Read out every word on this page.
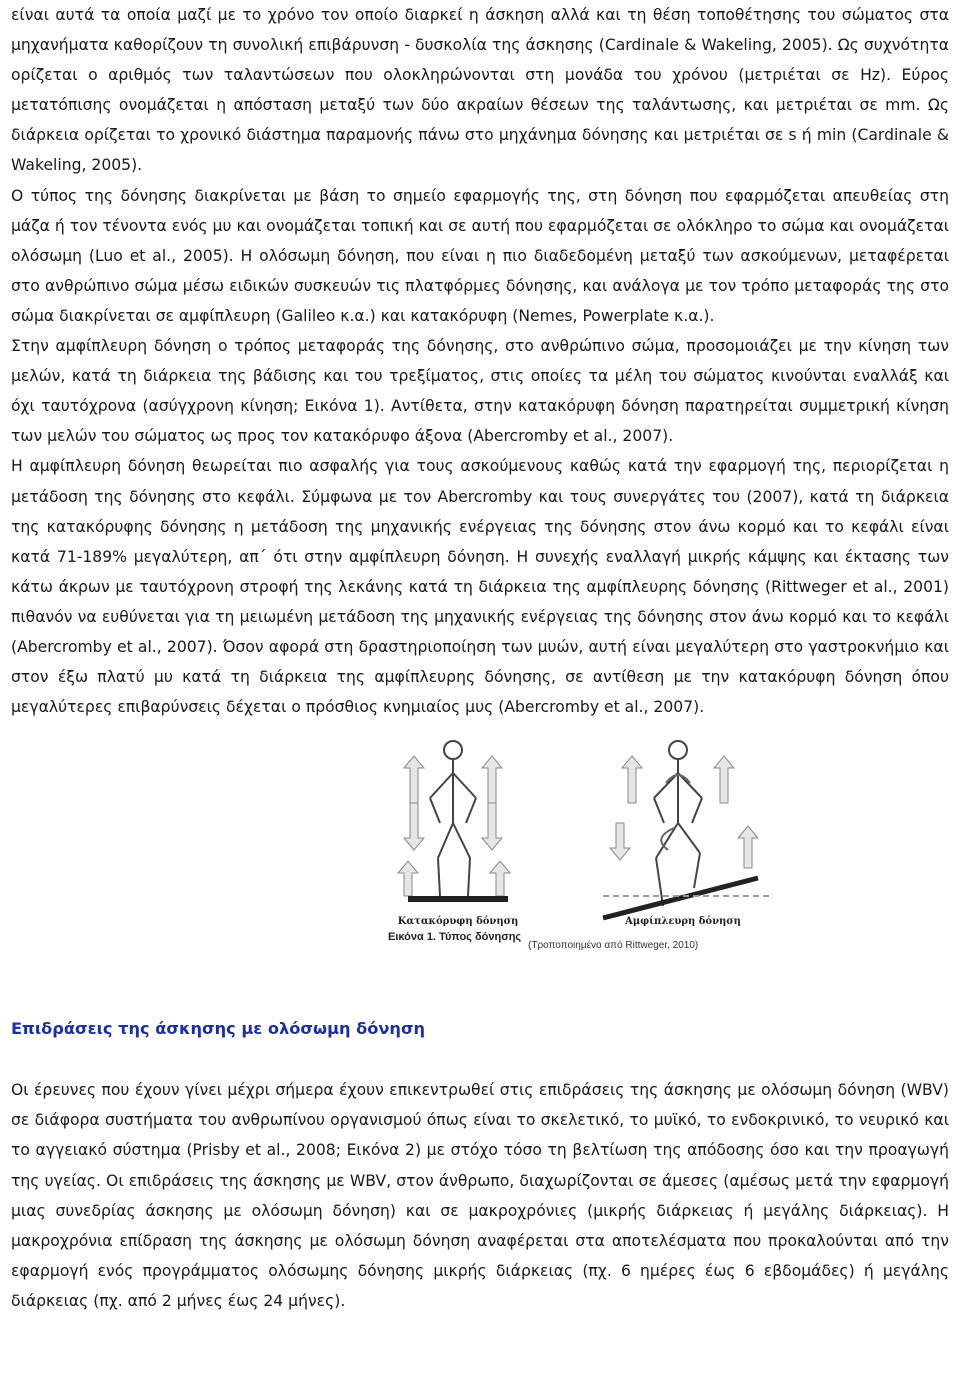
είναι αυτά τα οποία μαζί με το χρόνο τον οποίο διαρκεί η άσκηση αλλά και τη θέση τοποθέτησης του σώματος στα μηχανήματα καθορίζουν τη συνολική επιβάρυνση - δυσκολία της άσκησης (Cardinale & Wakeling, 2005). Ως συχνότητα ορίζεται ο αριθμός των ταλαντώσεων που ολοκληρώνονται στη μονάδα του χρόνου (μετριέται σε Hz). Εύρος μετατόπισης ονομάζεται η απόσταση μεταξύ των δύο ακραίων θέσεων της ταλάντωσης, και μετριέται σε mm. Ως διάρκεια ορίζεται το χρονικό διάστημα παραμονής πάνω στο μηχάνημα δόνησης και μετριέται σε s ή min (Cardinale & Wakeling, 2005).

Ο τύπος της δόνησης διακρίνεται με βάση το σημείο εφαρμογής της, στη δόνηση που εφαρμόζεται απευθείας στη μάζα ή τον τένοντα ενός μυ και ονομάζεται τοπική και σε αυτή που εφαρμόζεται σε ολόκληρο το σώμα και ονομάζεται ολόσωμη (Luo et al., 2005). Η ολόσωμη δόνηση, που είναι η πιο διαδεδομένη μεταξύ των ασκούμενων, μεταφέρεται στο ανθρώπινο σώμα μέσω ειδικών συσκευών τις πλατφόρμες δόνησης, και ανάλογα με τον τρόπο μεταφοράς της στο σώμα διακρίνεται σε αμφίπλευρη (Galileo κ.α.) και κατακόρυφη (Nemes, Powerplate κ.α.).

Στην αμφίπλευρη δόνηση ο τρόπος μεταφοράς της δόνησης, στο ανθρώπινο σώμα, προσομοιάζει με την κίνηση των μελών, κατά τη διάρκεια της βάδισης και του τρεξίματος, στις οποίες τα μέλη του σώματος κινούνται εναλλάξ και όχι ταυτόχρονα (ασύγχρονη κίνηση; Εικόνα 1). Αντίθετα, στην κατακόρυφη δόνηση παρατηρείται συμμετρική κίνηση των μελών του σώματος ως προς τον κατακόρυφο άξονα (Abercromby et al., 2007).

Η αμφίπλευρη δόνηση θεωρείται πιο ασφαλής για τους ασκούμενους καθώς κατά την εφαρμογή της, περιορίζεται η μετάδοση της δόνησης στο κεφάλι. Σύμφωνα με τον Abercromby και τους συνεργάτες του (2007), κατά τη διάρκεια της κατακόρυφης δόνησης η μετάδοση της μηχανικής ενέργειας της δόνησης στον άνω κορμό και το κεφάλι είναι κατά 71-189% μεγαλύτερη, απ΄ ότι στην αμφίπλευρη δόνηση. Η συνεχής εναλλαγή μικρής κάμψης και έκτασης των κάτω άκρων με ταυτόχρονη στροφή της λεκάνης κατά τη διάρκεια της αμφίπλευρης δόνησης (Rittweger et al., 2001) πιθανόν να ευθύνεται για τη μειωμένη μετάδοση της μηχανικής ενέργειας της δόνησης στον άνω κορμό και το κεφάλι (Abercromby et al., 2007). Όσον αφορά στη δραστηριοποίηση των μυών, αυτή είναι μεγαλύτερη στο γαστροκνήμιο και στον έξω πλατύ μυ κατά τη διάρκεια της αμφίπλευρης δόνησης, σε αντίθεση με την κατακόρυφη δόνηση όπου μεγαλύτερες επιβαρύνσεις δέχεται ο πρόσθιος κνημιαίος μυς (Abercromby et al., 2007).

Κατακόρυφη δόνηση	Αμφίπλευρη δόνηση
Εικόνα 1. Τύπος δόνησης
(Τροποποιημένο από Rittweger, 2010)
Επιδράσεις της άσκησης με ολόσωμη δόνηση

Οι έρευνες που έχουν γίνει μέχρι σήμερα έχουν επικεντρωθεί στις επιδράσεις της άσκησης με ολόσωμη δόνηση (WBV) σε διάφορα συστήματα του ανθρωπίνου οργανισμού όπως είναι το σκελετικό, το μυϊκό, το ενδοκρινικό, το νευρικό και το αγγειακό σύστημα (Prisby et al., 2008; Εικόνα 2) με στόχο τόσο τη βελτίωση της απόδοσης όσο και την προαγωγή της υγείας. Οι επιδράσεις της άσκησης με WBV, στον άνθρωπο, διαχωρίζονται σε άμεσες (αμέσως μετά την εφαρμογή μιας συνεδρίας άσκησης με ολόσωμη δόνηση) και σε μακροχρόνιες (μικρής διάρκειας ή μεγάλης διάρκειας). Η μακροχρόνια επίδραση της άσκησης με ολόσωμη δόνηση αναφέρεται στα αποτελέσματα που προκαλούνται από την εφαρμογή ενός προγράμματος ολόσωμης δόνησης μικρής διάρκειας (πχ. 6 ημέρες έως 6 εβδομάδες) ή μεγάλης διάρκειας (πχ. από 2 μήνες έως 24 μήνες).
